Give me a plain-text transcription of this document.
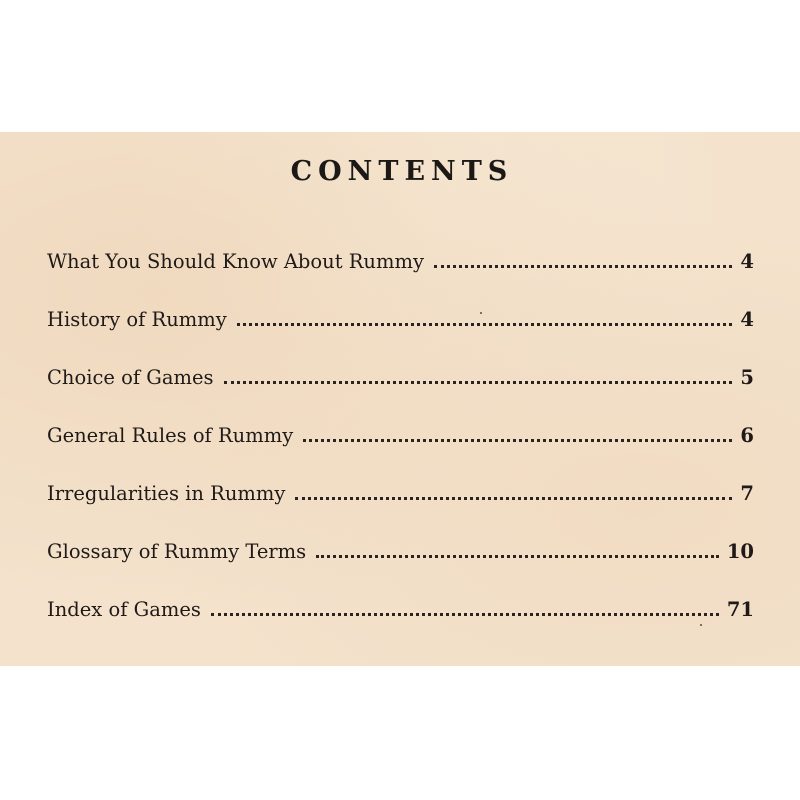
CONTENTS
What You Should Know About Rummy	4
History of Rummy	4
Choice of Games	5
General Rules of Rummy	6
Irregularities in Rummy	7
Glossary of Rummy Terms	10
Index of Games	71
